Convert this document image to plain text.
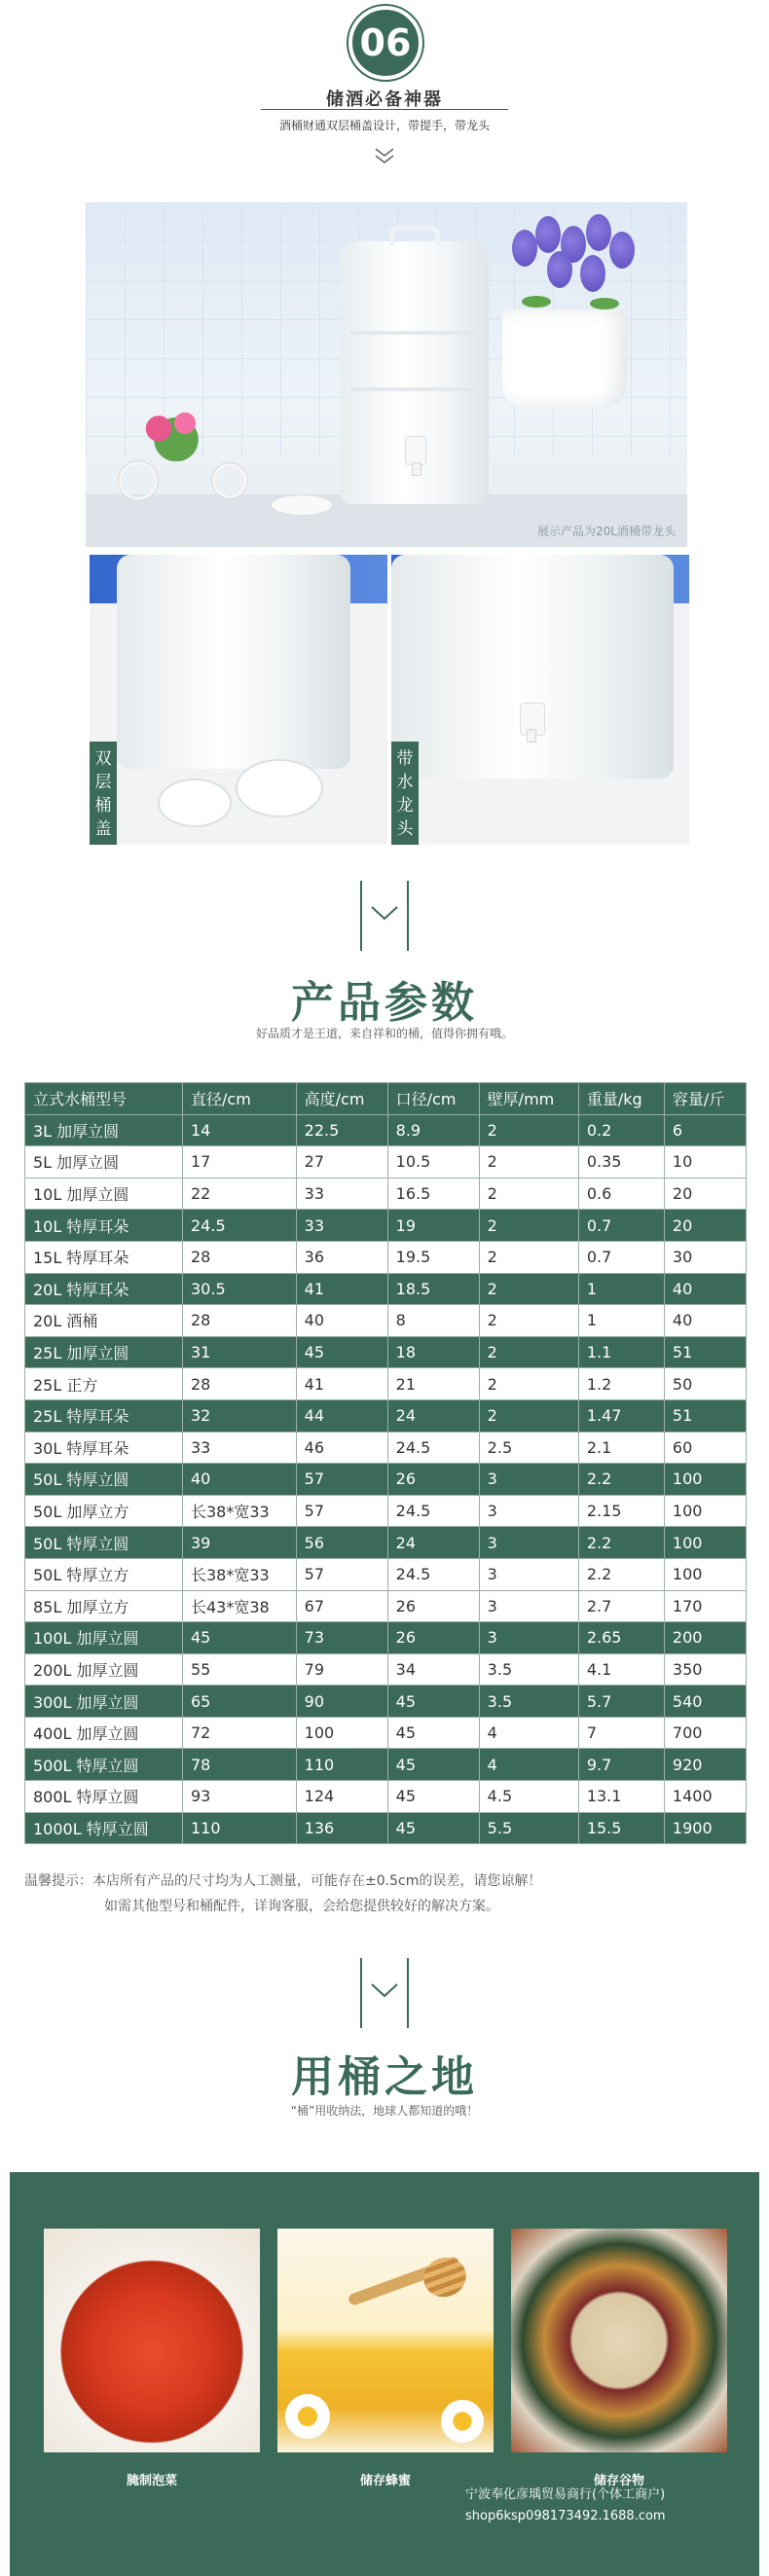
06
储酒必备神器
酒桶财通双层桶盖设计，带提手，带龙头
展示产品为20L酒桶带龙头
双层桶盖
带水龙头
产品参数
好品质才是王道，来自祥和的桶，值得你拥有哦。
立式水桶型号	直径/cm	高度/cm	口径/cm	壁厚/mm	重量/kg	容量/斤
3L 加厚立圆	14	22.5	8.9	2	0.2	6
5L 加厚立圆	17	27	10.5	2	0.35	10
10L 加厚立圆	22	33	16.5	2	0.6	20
10L 特厚耳朵	24.5	33	19	2	0.7	20
15L 特厚耳朵	28	36	19.5	2	0.7	30
20L 特厚耳朵	30.5	41	18.5	2	1	40
20L 酒桶	28	40	8	2	1	40
25L 加厚立圆	31	45	18	2	1.1	51
25L 正方	28	41	21	2	1.2	50
25L 特厚耳朵	32	44	24	2	1.47	51
30L 特厚耳朵	33	46	24.5	2.5	2.1	60
50L 特厚立圆	40	57	26	3	2.2	100
50L 加厚立方	长38*宽33	57	24.5	3	2.15	100
50L 特厚立圆	39	56	24	3	2.2	100
50L 特厚立方	长38*宽33	57	24.5	3	2.2	100
85L 加厚立方	长43*宽38	67	26	3	2.7	170
100L 加厚立圆	45	73	26	3	2.65	200
200L 加厚立圆	55	79	34	3.5	4.1	350
300L 加厚立圆	65	90	45	3.5	5.7	540
400L 加厚立圆	72	100	45	4	7	700
500L 特厚立圆	78	110	45	4	9.7	920
800L 特厚立圆	93	124	45	4.5	13.1	1400
1000L 特厚立圆	110	136	45	5.5	15.5	1900
温馨提示：本店所有产品的尺寸均为人工测量，可能存在±0.5cm的误差，请您谅解！
如需其他型号和桶配件，详询客服，会给您提供较好的解决方案。
用桶之地
“桶”用收纳法，地球人都知道的哦！
腌制泡菜	储存蜂蜜	储存谷物
宁波奉化彦瑀贸易商行(个体工商户)
shop6ksp098173492.1688.com
